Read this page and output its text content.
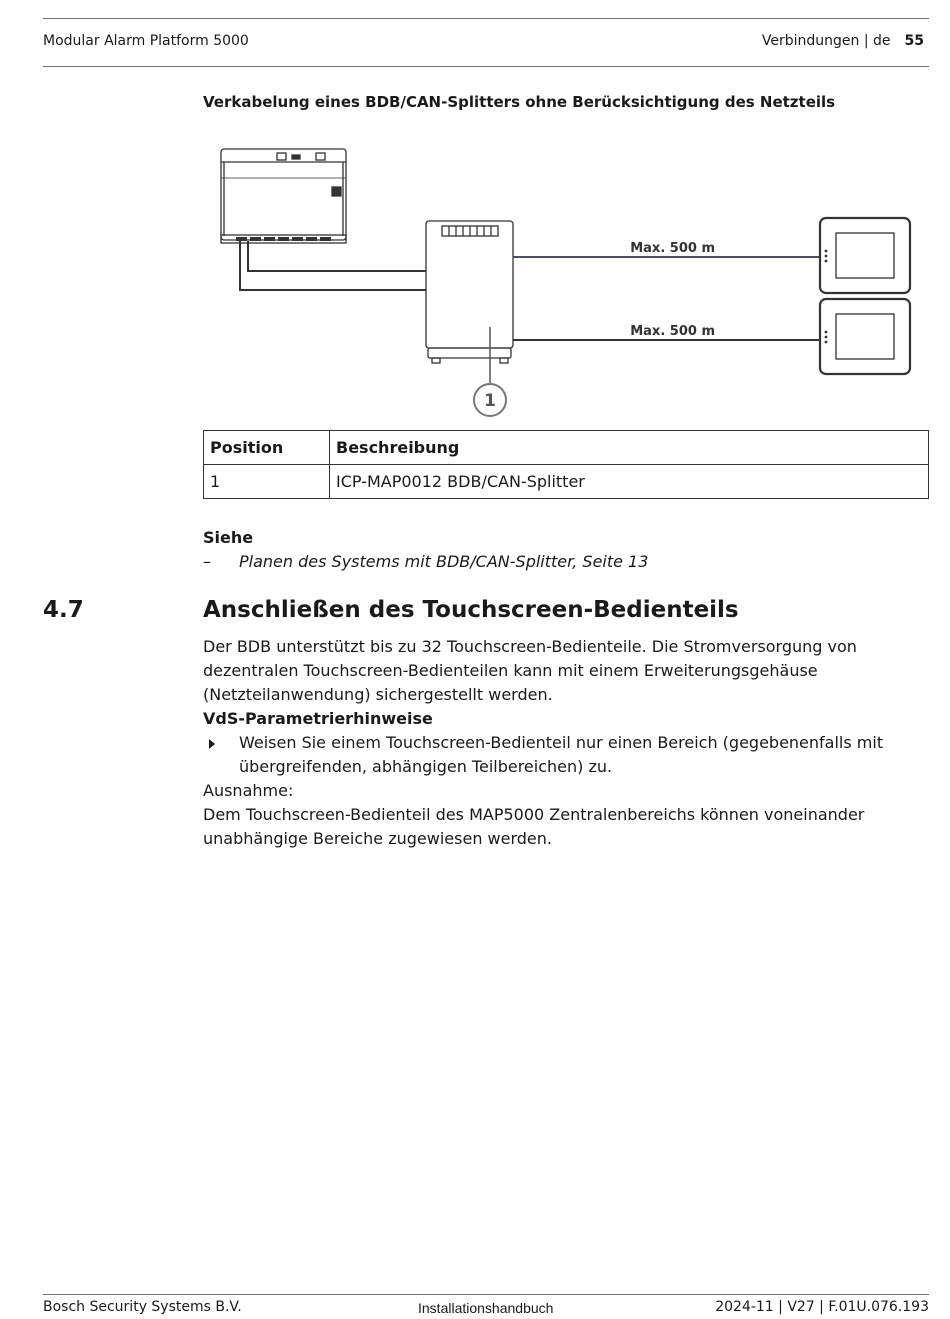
Modular Alarm Platform 5000	Verbindungen | de 55
Verkabelung eines BDB/CAN-Splitters ohne Berücksichtigung des Netzteils
Max. 500 m
Max. 500 m
1
Position	Beschreibung
1	ICP-MAP0012 BDB/CAN-Splitter
Siehe
– Planen des Systems mit BDB/CAN-Splitter, Seite 13
4.7	Anschließen des Touchscreen-Bedienteils

Der BDB unterstützt bis zu 32 Touchscreen-Bedienteile. Die Stromversorgung von dezentralen Touchscreen-Bedienteilen kann mit einem Erweiterungsgehäuse (Netzteilanwendung) sichergestellt werden.

VdS-Parametrierhinweise

Weisen Sie einem Touchscreen-Bedienteil nur einen Bereich (gegebenenfalls mit übergreifenden, abhängigen Teilbereichen) zu.

Ausnahme:

Dem Touchscreen-Bedienteil des MAP5000 Zentralenbereichs können voneinander unabhängige Bereiche zugewiesen werden.

Bosch Security Systems B.V.	Installationshandbuch	2024-11 | V27 | F.01U.076.193
